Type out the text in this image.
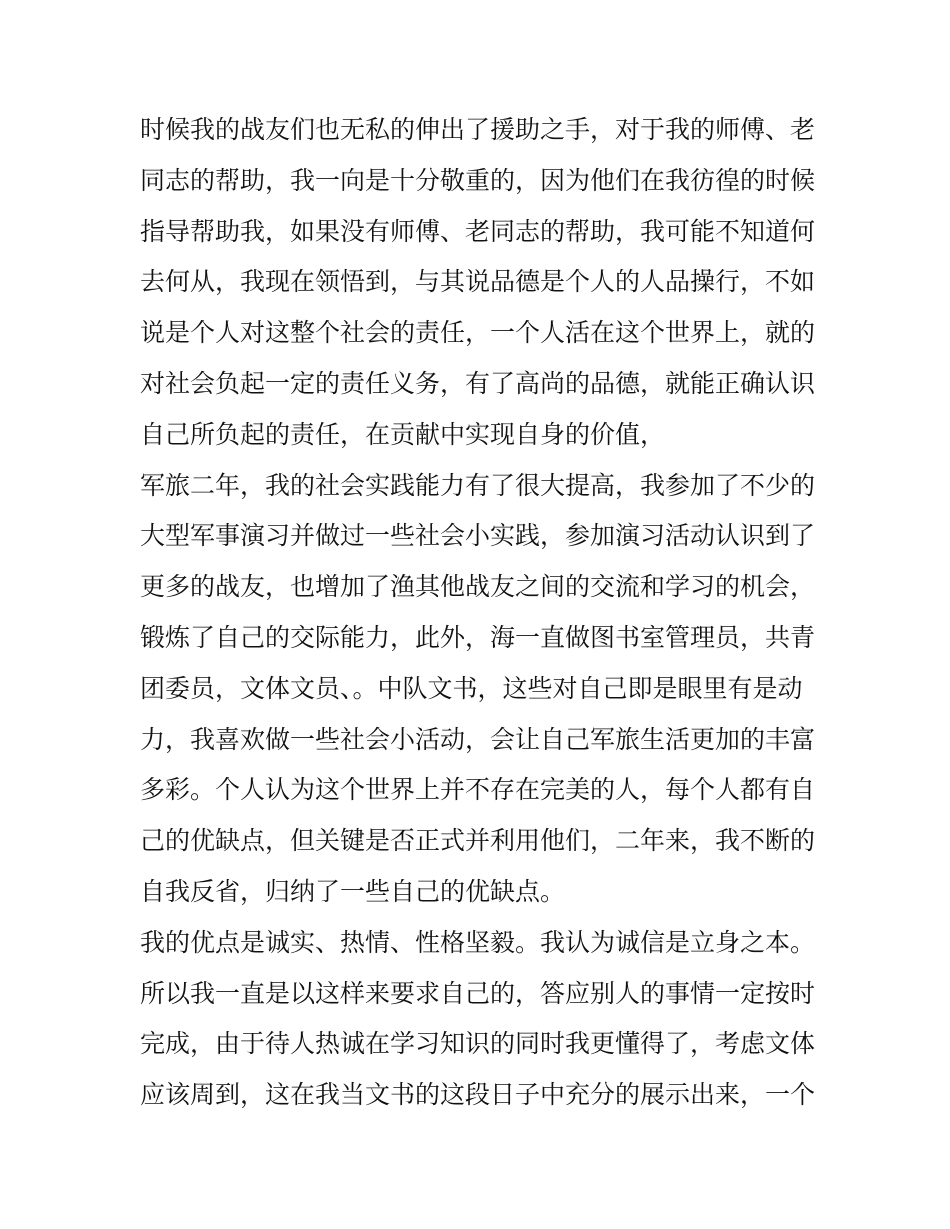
时候我的战友们也无私的伸出了援助之手，对于我的师傅、老

同志的帮助，我一向是十分敬重的，因为他们在我彷徨的时候

指导帮助我，如果没有师傅、老同志的帮助，我可能不知道何

去何从，我现在领悟到，与其说品德是个人的人品操行，不如

说是个人对这整个社会的责任，一个人活在这个世界上，就的

对社会负起一定的责任义务，有了高尚的品德，就能正确认识

自己所负起的责任，在贡献中实现自身的价值，

军旅二年，我的社会实践能力有了很大提高，我参加了不少的

大型军事演习并做过一些社会小实践，参加演习活动认识到了

更多的战友，也增加了渔其他战友之间的交流和学习的机会，

锻炼了自己的交际能力，此外，海一直做图书室管理员，共青

团委员，文体文员、。中队文书，这些对自己即是眼里有是动

力，我喜欢做一些社会小活动，会让自己军旅生活更加的丰富

多彩。个人认为这个世界上并不存在完美的人，每个人都有自

己的优缺点，但关键是否正式并利用他们，二年来，我不断的

自我反省，归纳了一些自己的优缺点。

我的优点是诚实、热情、性格坚毅。我认为诚信是立身之本。

所以我一直是以这样来要求自己的，答应别人的事情一定按时

完成，由于待人热诚在学习知识的同时我更懂得了，考虑文体

应该周到，这在我当文书的这段日子中充分的展示出来，一个
